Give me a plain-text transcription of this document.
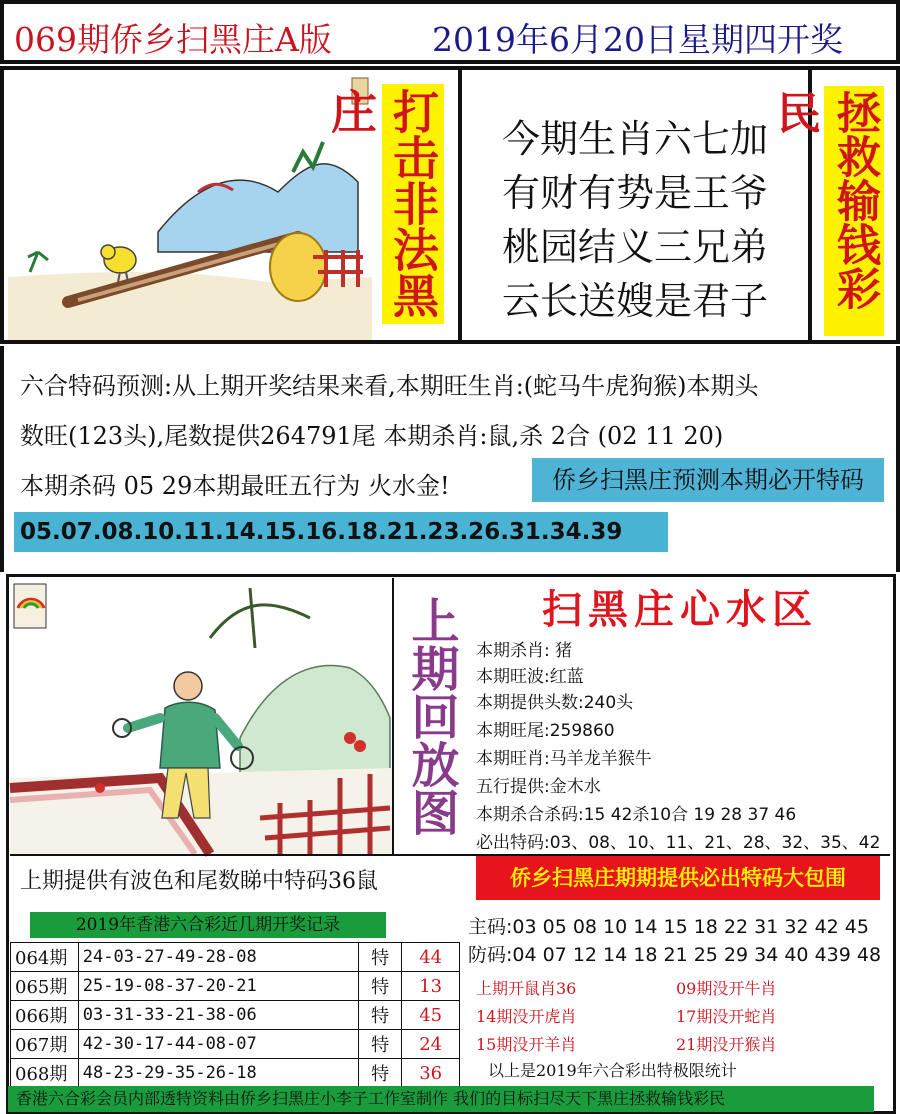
069期侨乡扫黑庄A版	2019年6月20日星期四开奖
打击非法黑庄
今期生肖六七加
有财有势是王爷
桃园结义三兄弟
云长送嫂是君子	拯救输钱彩民
六合特码预测:从上期开奖结果来看,本期旺生肖:(蛇马牛虎狗猴)本期头
数旺(123头),尾数提供264791尾 本期杀肖:鼠,杀 2合 (02 11 20)
本期杀码 05 29本期最旺五行为 火水金!	侨乡扫黑庄预测本期必开特码
05.07.08.10.11.14.15.16.18.21.23.26.31.34.39
上期回放图	扫黑庄心水区
本期杀肖: 猪
本期旺波:红蓝
本期提供头数:240头
本期旺尾:259860
本期旺肖:马羊龙羊猴牛
五行提供:金木水
本期杀合杀码:15 42杀10合 19 28 37 46
必出特码:03、08、10、11、21、28、32、35、42
上期提供有波色和尾数睇中特码36鼠	侨乡扫黑庄期期提供必出特码大包围
2019年香港六合彩近几期开奖记录
064期	24-03-27-49-28-08	特	44
065期	25-19-08-37-20-21	特	13
066期	03-31-33-21-38-06	特	45
067期	42-30-17-44-08-07	特	24
068期	48-23-29-35-26-18	特	36
主码:03 05 08 10 14 15 18 22 31 32 42 45
防码:04 07 12 14 18 21 25 29 34 40 439 48
上期开鼠肖36	09期没开牛肖
14期没开虎肖	17期没开蛇肖
15期没开羊肖	21期没开猴肖
以上是2019年六合彩出特极限统计
香港六合彩会员内部透特资料由侨乡扫黑庄小李子工作室制作 我们的目标扫尽天下黑庄拯救输钱彩民
